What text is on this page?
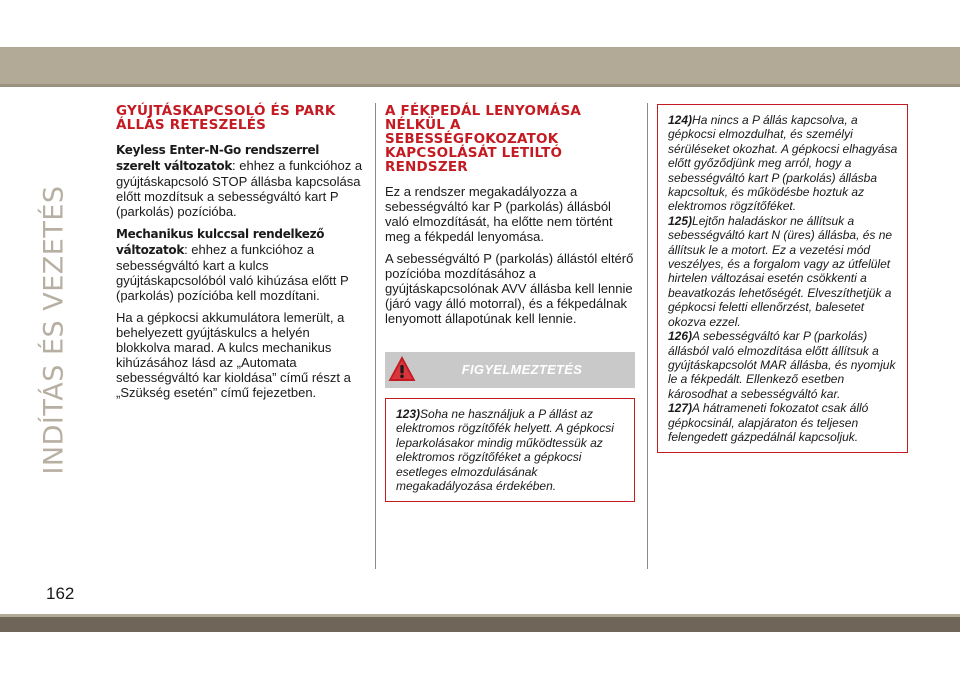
INDÍTÁS ÉS VEZETÉS
162
GYÚJTÁSKAPCSOLÓ ÉS PARK ÁLLÁS RETESZELÉS

Keyless Enter-N-Go rendszerrel szerelt változatok: ehhez a funkcióhoz a gyújtáskapcsoló STOP állásba kapcsolása előtt mozdítsuk a sebességváltó kart P (parkolás) pozícióba.

Mechanikus kulccsal rendelkező változatok: ehhez a funkcióhoz a sebességváltó kart a kulcs gyújtáskapcsolóból való kihúzása előtt P (parkolás) pozícióba kell mozdítani.

Ha a gépkocsi akkumulátora lemerült, a behelyezett gyújtáskulcs a helyén blokkolva marad. A kulcs mechanikus kihúzásához lásd az „Automata sebességváltó kar kioldása” című részt a „Szükség esetén” című fejezetben.

A FÉKPEDÁL LENYOMÁSA NÉLKÜL A SEBESSÉGFOKOZATOK KAPCSOLÁSÁT LETILTÓ RENDSZER

Ez a rendszer megakadályozza a sebességváltó kar P (parkolás) állásból való elmozdítását, ha előtte nem történt meg a fékpedál lenyomása.

A sebességváltó P (parkolás) állástól eltérő pozícióba mozdításához a gyújtáskapcsolónak AVV állásba kell lennie (járó vagy álló motorral), és a fékpedálnak lenyomott állapotúnak kell lennie.

FIGYELMEZTETÉS
123)Soha ne használjuk a P állást az elektromos rögzítőfék helyett. A gépkocsi leparkolásakor mindig működtessük az elektromos rögzítőféket a gépkocsi esetleges elmozdulásának megakadályozása érdekében.
124)Ha nincs a P állás kapcsolva, a gépkocsi elmozdulhat, és személyi sérüléseket okozhat. A gépkocsi elhagyása előtt győződjünk meg arról, hogy a sebességváltó kart P (parkolás) állásba kapcsoltuk, és működésbe hoztuk az elektromos rögzítőféket.
125)Lejtőn haladáskor ne állítsuk a sebességváltó kart N (üres) állásba, és ne állítsuk le a motort. Ez a vezetési mód veszélyes, és a forgalom vagy az útfelület hirtelen változásai esetén csökkenti a beavatkozás lehetőségét. Elveszíthetjük a gépkocsi feletti ellenőrzést, balesetet okozva ezzel.
126)A sebességváltó kar P (parkolás) állásból való elmozdítása előtt állítsuk a gyújtáskapcsolót MAR állásba, és nyomjuk le a fékpedált. Ellenkező esetben károsodhat a sebességváltó kar.
127)A hátrameneti fokozatot csak álló gépkocsinál, alapjáraton és teljesen felengedett gázpedálnál kapcsoljuk.
